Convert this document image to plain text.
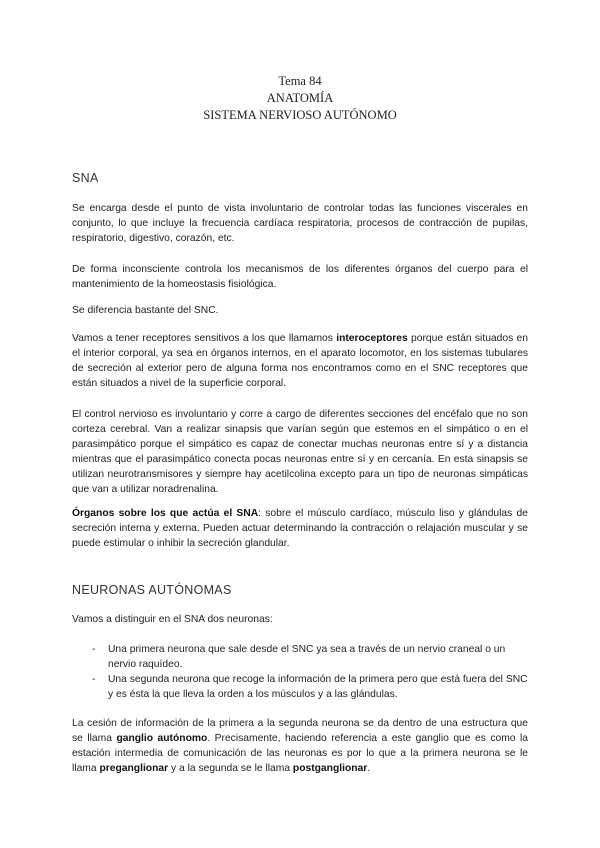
Tema 84
ANATOMÍA
SISTEMA NERVIOSO AUTÓNOMO
SNA

Se encarga desde el punto de vista involuntario de controlar todas las funciones viscerales en conjunto, lo que incluye la frecuencia cardíaca respiratoria, procesos de contracción de pupilas, respiratorio, digestivo, corazón, etc.

De forma inconsciente controla los mecanismos de los diferentes órganos del cuerpo para el mantenimiento de la homeostasis fisiológica.

Se diferencia bastante del SNC.

Vamos a tener receptores sensitivos a los que llamamos interoceptores porque están situados en el interior corporal, ya sea en órganos internos, en el aparato locomotor, en los sistemas tubulares de secreción al exterior pero de alguna forma nos encontramos como en el SNC receptores que están situados a nivel de la superficie corporal.

El control nervioso es involuntario y corre a cargo de diferentes secciones del encéfalo que no son corteza cerebral. Van a realizar sinapsis que varían según que estemos en el simpático o en el parasimpático porque el simpático es capaz de conectar muchas neuronas entre sí y a distancia mientras que el parasimpático conecta pocas neuronas entre sí y en cercanía. En esta sinapsis se utilizan neurotransmisores y siempre hay acetilcolina excepto para un tipo de neuronas simpáticas que van a utilizar noradrenalina.

Órganos sobre los que actúa el SNA: sobre el músculo cardíaco, músculo liso y glándulas de secreción interna y externa. Pueden actuar determinando la contracción o relajación muscular y se puede estimular o inhibir la secreción glandular.

NEURONAS AUTÓNOMAS

Vamos a distinguir en el SNA dos neuronas:

- Una primera neurona que sale desde el SNC ya sea a través de un nervio craneal o un nervio raquídeo.
- Una segunda neurona que recoge la información de la primera pero que está fuera del SNC y es ésta la que lleva la orden a los músculos y a las glándulas.

La cesión de información de la primera a la segunda neurona se da dentro de una estructura que se llama ganglio autónomo. Precisamente, haciendo referencia a este ganglio que es como la estación intermedia de comunicación de las neuronas es por lo que a la primera neurona se le llama preganglionar y a la segunda se le llama postganglionar.
